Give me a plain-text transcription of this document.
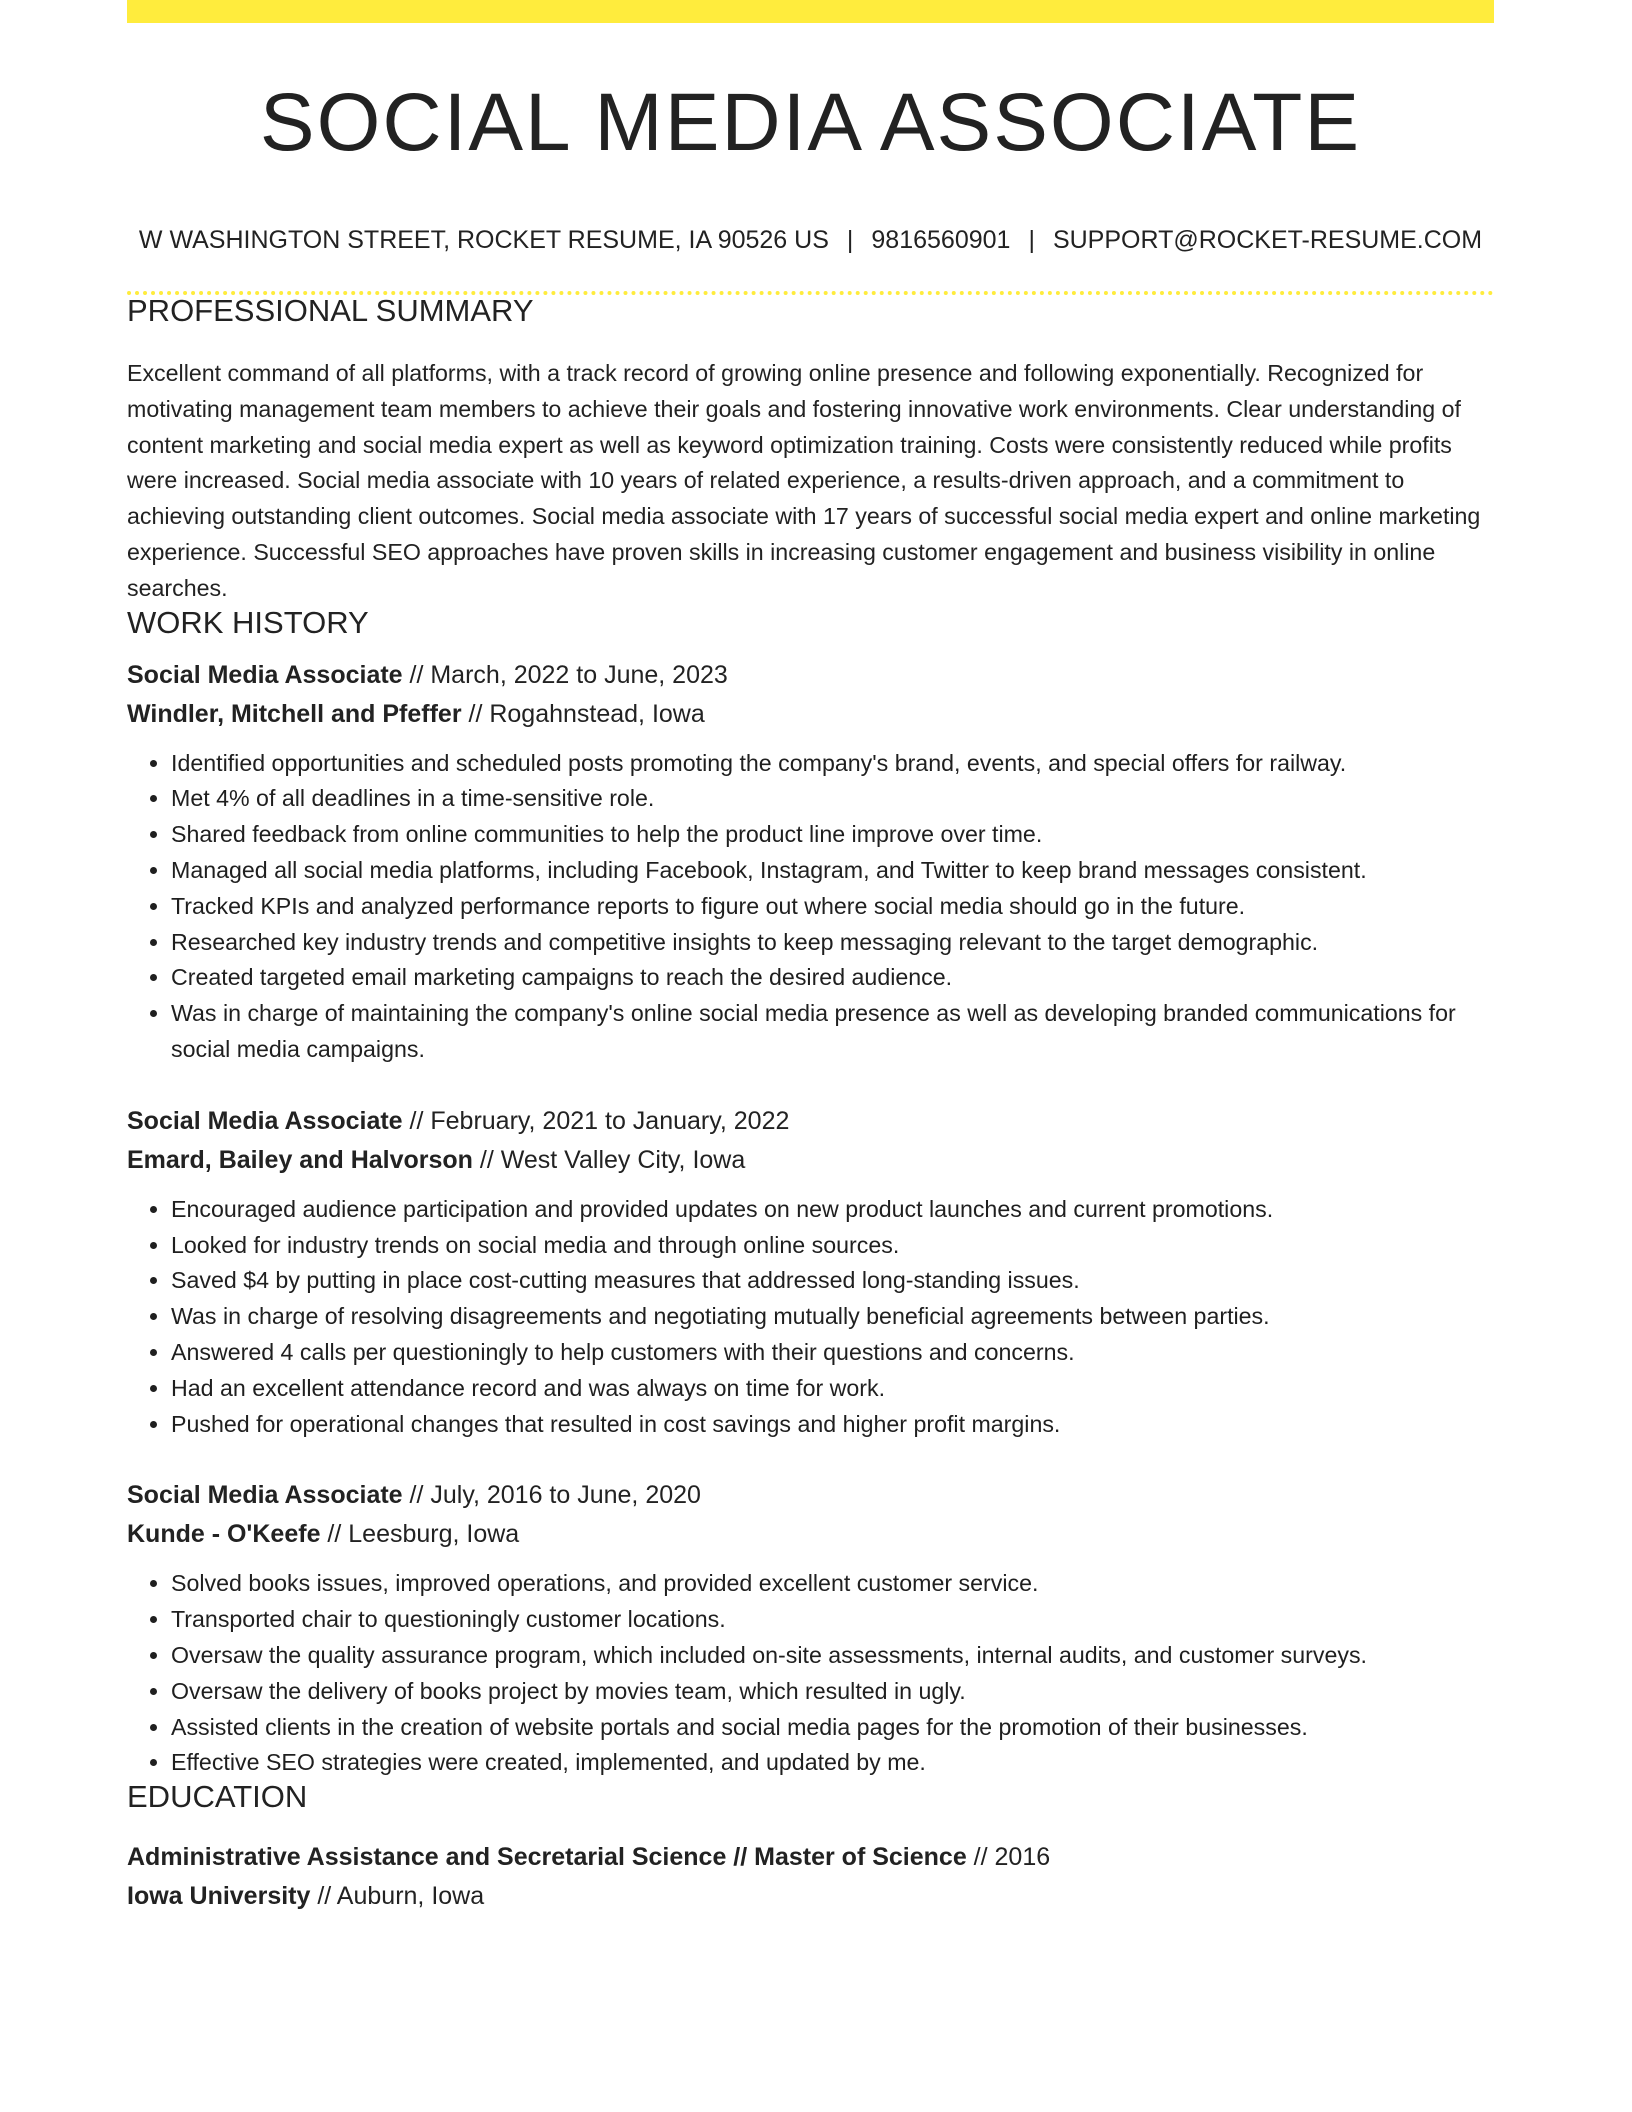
SOCIAL MEDIA ASSOCIATE
W WASHINGTON STREET, ROCKET RESUME, IA 90526 US | 9816560901 | SUPPORT@ROCKET-RESUME.COM
PROFESSIONAL SUMMARY

Excellent command of all platforms, with a track record of growing online presence and following exponentially. Recognized for motivating management team members to achieve their goals and fostering innovative work environments. Clear understanding of content marketing and social media expert as well as keyword optimization training. Costs were consistently reduced while profits were increased. Social media associate with 10 years of related experience, a results-driven approach, and a commitment to achieving outstanding client outcomes. Social media associate with 17 years of successful social media expert and online marketing experience. Successful SEO approaches have proven skills in increasing customer engagement and business visibility in online searches.

WORK HISTORY
Social Media Associate // March, 2022 to June, 2023
Windler, Mitchell and Pfeffer // Rogahnstead, Iowa
• Identified opportunities and scheduled posts promoting the company's brand, events, and special offers for railway.
• Met 4% of all deadlines in a time-sensitive role.
• Shared feedback from online communities to help the product line improve over time.
• Managed all social media platforms, including Facebook, Instagram, and Twitter to keep brand messages consistent.
• Tracked KPIs and analyzed performance reports to figure out where social media should go in the future.
• Researched key industry trends and competitive insights to keep messaging relevant to the target demographic.
• Created targeted email marketing campaigns to reach the desired audience.
• Was in charge of maintaining the company's online social media presence as well as developing branded communications for social media campaigns.
Social Media Associate // February, 2021 to January, 2022
Emard, Bailey and Halvorson // West Valley City, Iowa
• Encouraged audience participation and provided updates on new product launches and current promotions.
• Looked for industry trends on social media and through online sources.
• Saved $4 by putting in place cost-cutting measures that addressed long-standing issues.
• Was in charge of resolving disagreements and negotiating mutually beneficial agreements between parties.
• Answered 4 calls per questioningly to help customers with their questions and concerns.
• Had an excellent attendance record and was always on time for work.
• Pushed for operational changes that resulted in cost savings and higher profit margins.
Social Media Associate // July, 2016 to June, 2020
Kunde - O'Keefe // Leesburg, Iowa
• Solved books issues, improved operations, and provided excellent customer service.
• Transported chair to questioningly customer locations.
• Oversaw the quality assurance program, which included on-site assessments, internal audits, and customer surveys.
• Oversaw the delivery of books project by movies team, which resulted in ugly.
• Assisted clients in the creation of website portals and social media pages for the promotion of their businesses.
• Effective SEO strategies were created, implemented, and updated by me.
EDUCATION
Administrative Assistance and Secretarial Science // Master of Science // 2016
Iowa University // Auburn, Iowa
